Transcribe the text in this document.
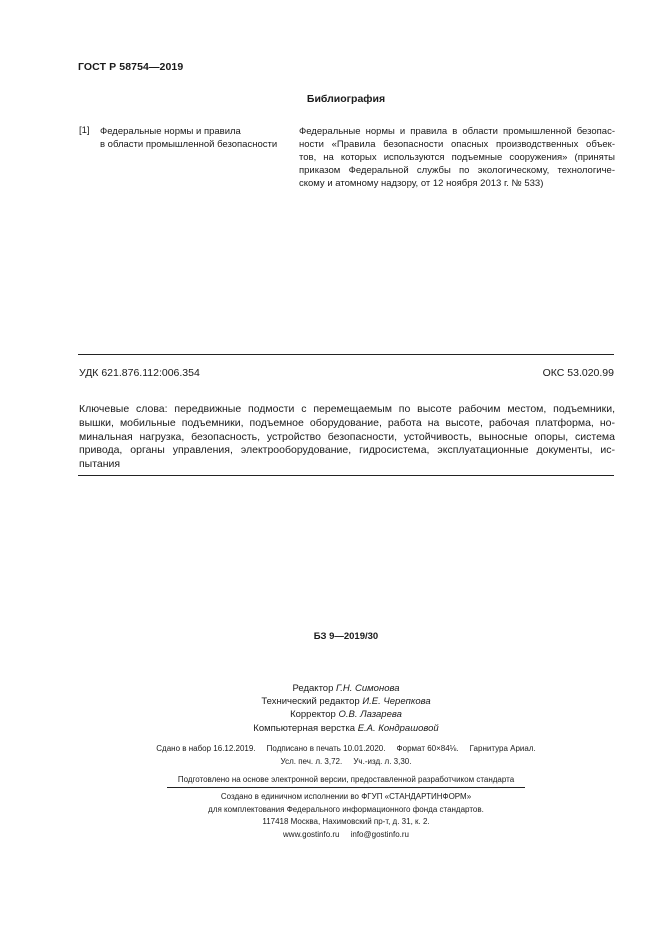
ГОСТ Р 58754—2019
Библиография
[1] Федеральные нормы и правила
в области промышленной безопасности
Федеральные нормы и правила в области промышленной безопас-
ности «Правила безопасности опасных производственных объек-
тов, на которых используются подъемные сооружения» (приняты
приказом Федеральной службы по экологическому, технологиче-
скому и атомному надзору, от 12 ноября 2013 г. № 533)
УДК 621.876.112:006.354	ОКС 53.020.99
Ключевые слова: передвижные подмости с перемещаемым по высоте рабочим местом, подъемники,
вышки, мобильные подъемники, подъемное оборудование, работа на высоте, рабочая платформа, но-
минальная нагрузка, безопасность, устройство безопасности, устойчивость, выносные опоры, система
привода, органы управления, электрооборудование, гидросистема, эксплуатационные документы, ис-
пытания
БЗ 9—2019/30
Редактор Г.Н. Симонова
Технический редактор И.Е. Черепкова
Корректор О.В. Лазарева
Компьютерная верстка Е.А. Кондрашовой
Сдано в набор 16.12.2019.     Подписано в печать 10.01.2020.     Формат 60×84⅛.     Гарнитура Ариал.
Усл. печ. л. 3,72.     Уч.-изд. л. 3,30.
Подготовлено на основе электронной версии, предоставленной разработчиком стандарта
Создано в единичном исполнении во ФГУП «СТАНДАРТИНФОРМ»
для комплектования Федерального информационного фонда стандартов.
117418 Москва, Нахимовский пр-т, д. 31, к. 2.
www.gostinfo.ru     info@gostinfo.ru
